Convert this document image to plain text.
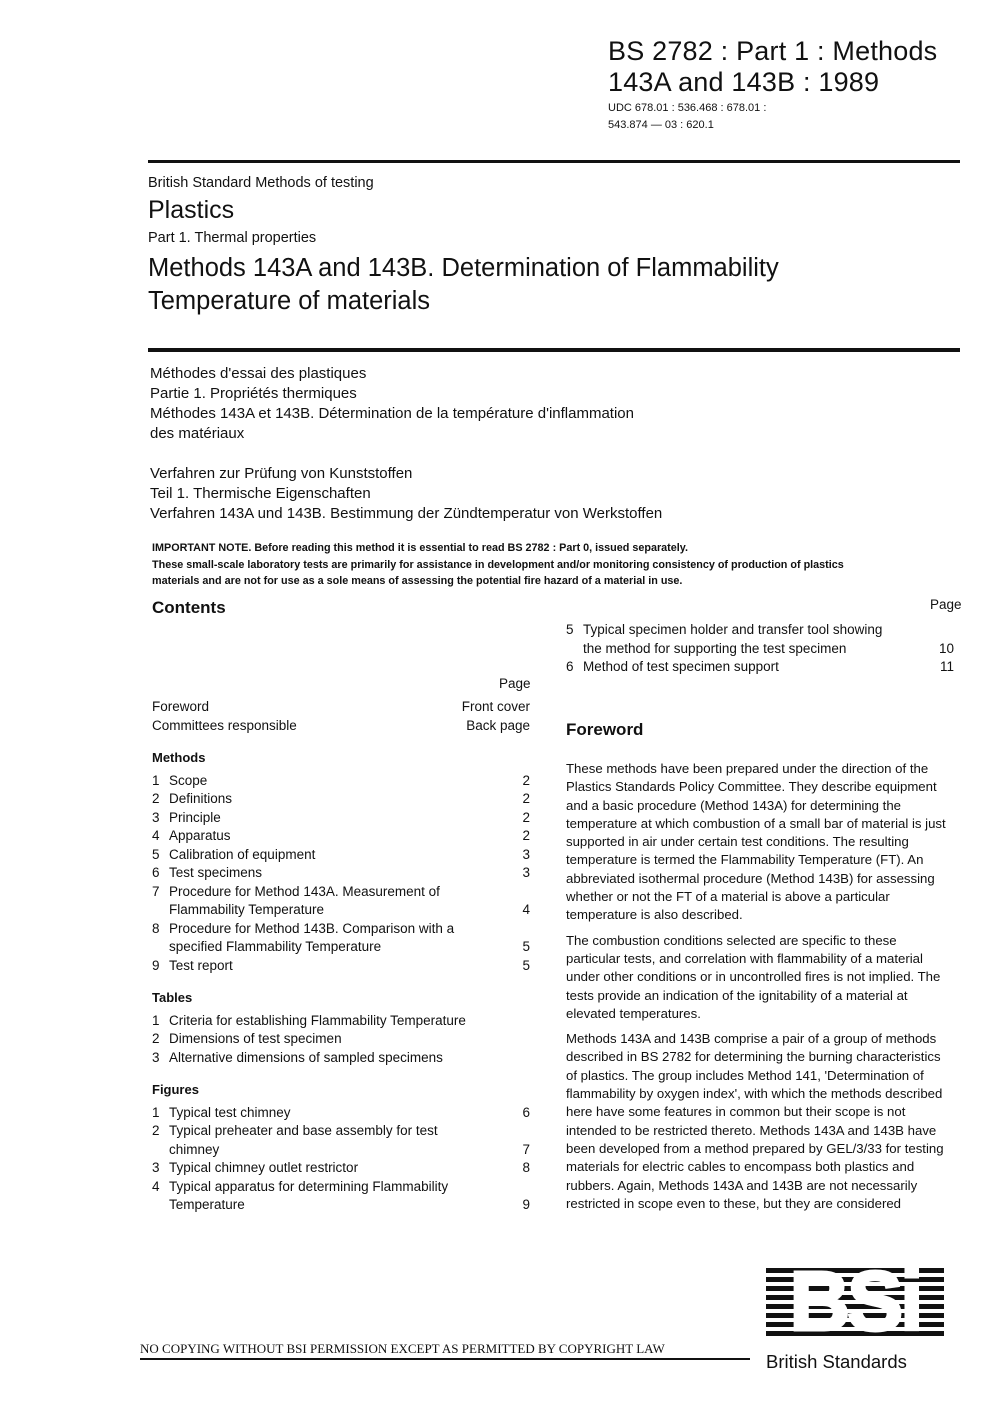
BS 2782 : Part 1 : Methods
143A and 143B : 1989
UDC 678.01 : 536.468 : 678.01 :
543.874 — 03 : 620.1
British Standard Methods of testing
Plastics
Part 1. Thermal properties
Methods 143A and 143B. Determination of Flammability
Temperature of materials
Méthodes d'essai des plastiques
Partie 1. Propriétés thermiques
Méthodes 143A et 143B. Détermination de la température d'inflammation
des matériaux
Verfahren zur Prüfung von Kunststoffen
Teil 1. Thermische Eigenschaften
Verfahren 143A und 143B. Bestimmung der Zündtemperatur von Werkstoffen
IMPORTANT NOTE. Before reading this method it is essential to read BS 2782 : Part 0, issued separately.
These small-scale laboratory tests are primarily for assistance in development and/or monitoring consistency of production of plastics
materials and are not for use as a sole means of assessing the potential fire hazard of a material in use.
Contents	Page
Page
Foreword	Front cover
Committees responsible	Back page
Methods
1 Scope	2
2 Definitions	2
3 Principle	2
4 Apparatus	2
5 Calibration of equipment	3
6 Test specimens	3
7 Procedure for Method 143A. Measurement of Flammability Temperature	4
8 Procedure for Method 143B. Comparison with a specified Flammability Temperature	5
9 Test report	5
Tables
1 Criteria for establishing Flammability Temperature
2 Dimensions of test specimen
3 Alternative dimensions of sampled specimens
Figures
1 Typical test chimney	6
2 Typical preheater and base assembly for test chimney	7
3 Typical chimney outlet restrictor	8
4 Typical apparatus for determining Flammability Temperature	9
5 Typical specimen holder and transfer tool showing the method for supporting the test specimen	10
6 Method of test specimen support	11
Foreword

These methods have been prepared under the direction of the Plastics Standards Policy Committee. They describe equipment and a basic procedure (Method 143A) for determining the temperature at which combustion of a small bar of material is just supported in air under certain test conditions. The resulting temperature is termed the Flammability Temperature (FT). An abbreviated isothermal procedure (Method 143B) for assessing whether or not the FT of a material is above a particular temperature is also described.

The combustion conditions selected are specific to these particular tests, and correlation with flammability of a material under other conditions or in uncontrolled fires is not implied. The tests provide an indication of the ignitability of a material at elevated temperatures.

Methods 143A and 143B comprise a pair of a group of methods described in BS 2782 for determining the burning characteristics of plastics. The group includes Method 141, 'Determination of flammability by oxygen index', with which the methods described here have some features in common but their scope is not intended to be restricted thereto. Methods 143A and 143B have been developed from a method prepared by GEL/3/33 for testing materials for electric cables to encompass both plastics and rubbers. Again, Methods 143A and 143B are not necessarily restricted in scope even to these, but they are considered

NO COPYING WITHOUT BSI PERMISSION EXCEPT AS PERMITTED BY COPYRIGHT LAW
BSi
British Standards
